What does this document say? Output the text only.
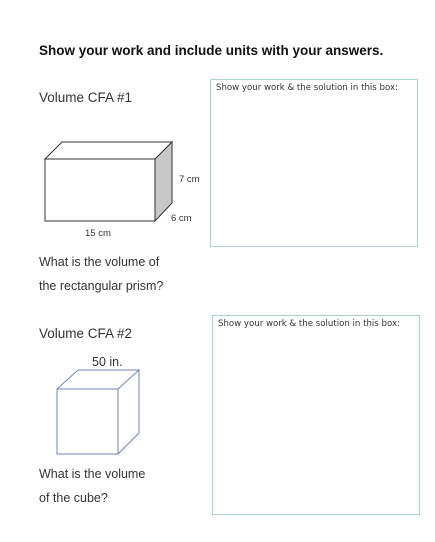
Show your work and include units with your answers.
Volume CFA #1
7 cm
6 cm
15 cm
What is the volume of
the rectangular prism?
Show your work & the solution in this box:
Volume CFA #2
50 in.
What is the volume
of the cube?
Show your work & the solution in this box:
